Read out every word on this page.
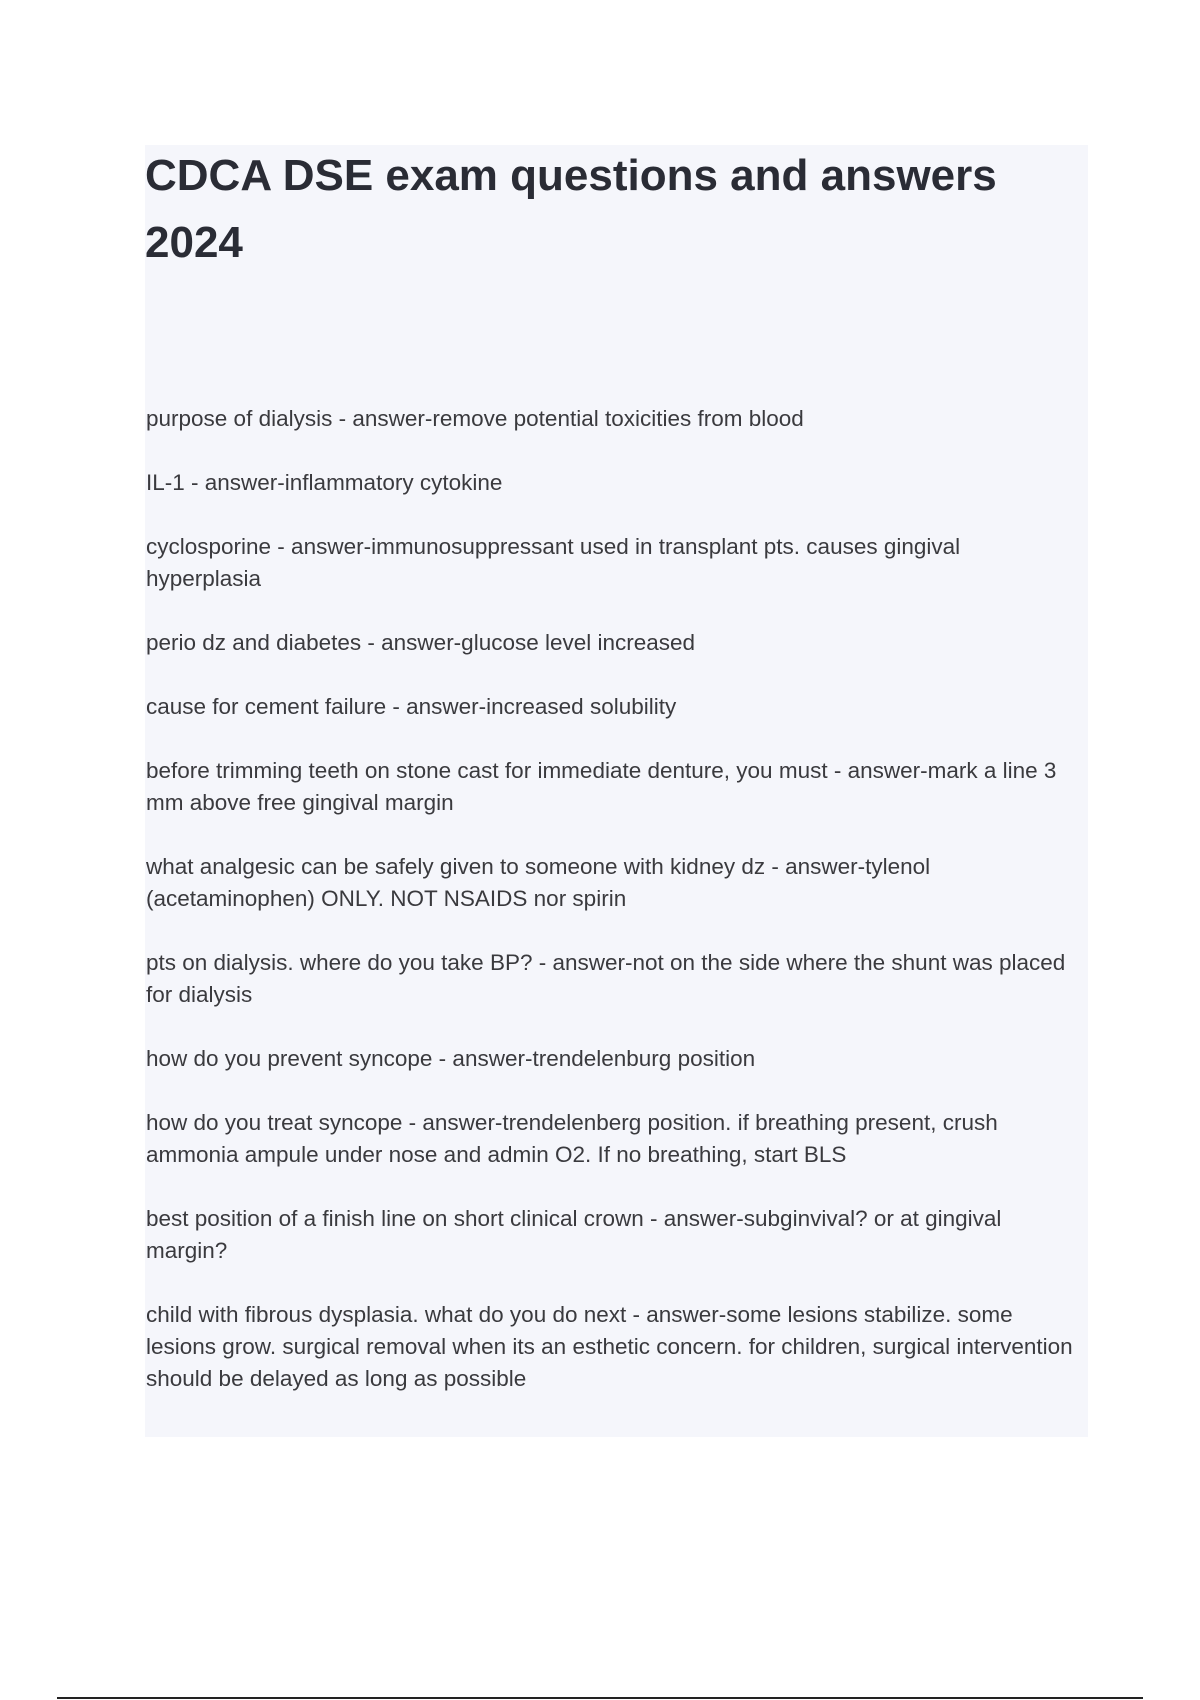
CDCA DSE exam questions and answers 2024
purpose of dialysis - answer-remove potential toxicities from blood
IL-1 - answer-inflammatory cytokine
cyclosporine - answer-immunosuppressant used in transplant pts. causes gingival hyperplasia
perio dz and diabetes - answer-glucose level increased
cause for cement failure - answer-increased solubility
before trimming teeth on stone cast for immediate denture, you must - answer-mark a line 3 mm above free gingival margin
what analgesic can be safely given to someone with kidney dz - answer-tylenol (acetaminophen) ONLY. NOT NSAIDS nor spirin
pts on dialysis. where do you take BP? - answer-not on the side where the shunt was placed for dialysis
how do you prevent syncope - answer-trendelenburg position
how do you treat syncope - answer-trendelenberg position. if breathing present, crush ammonia ampule under nose and admin O2. If no breathing, start BLS
best position of a finish line on short clinical crown - answer-subginvival? or at gingival margin?
child with fibrous dysplasia. what do you do next - answer-some lesions stabilize. some lesions grow. surgical removal when its an esthetic concern. for children, surgical intervention should be delayed as long as possible
